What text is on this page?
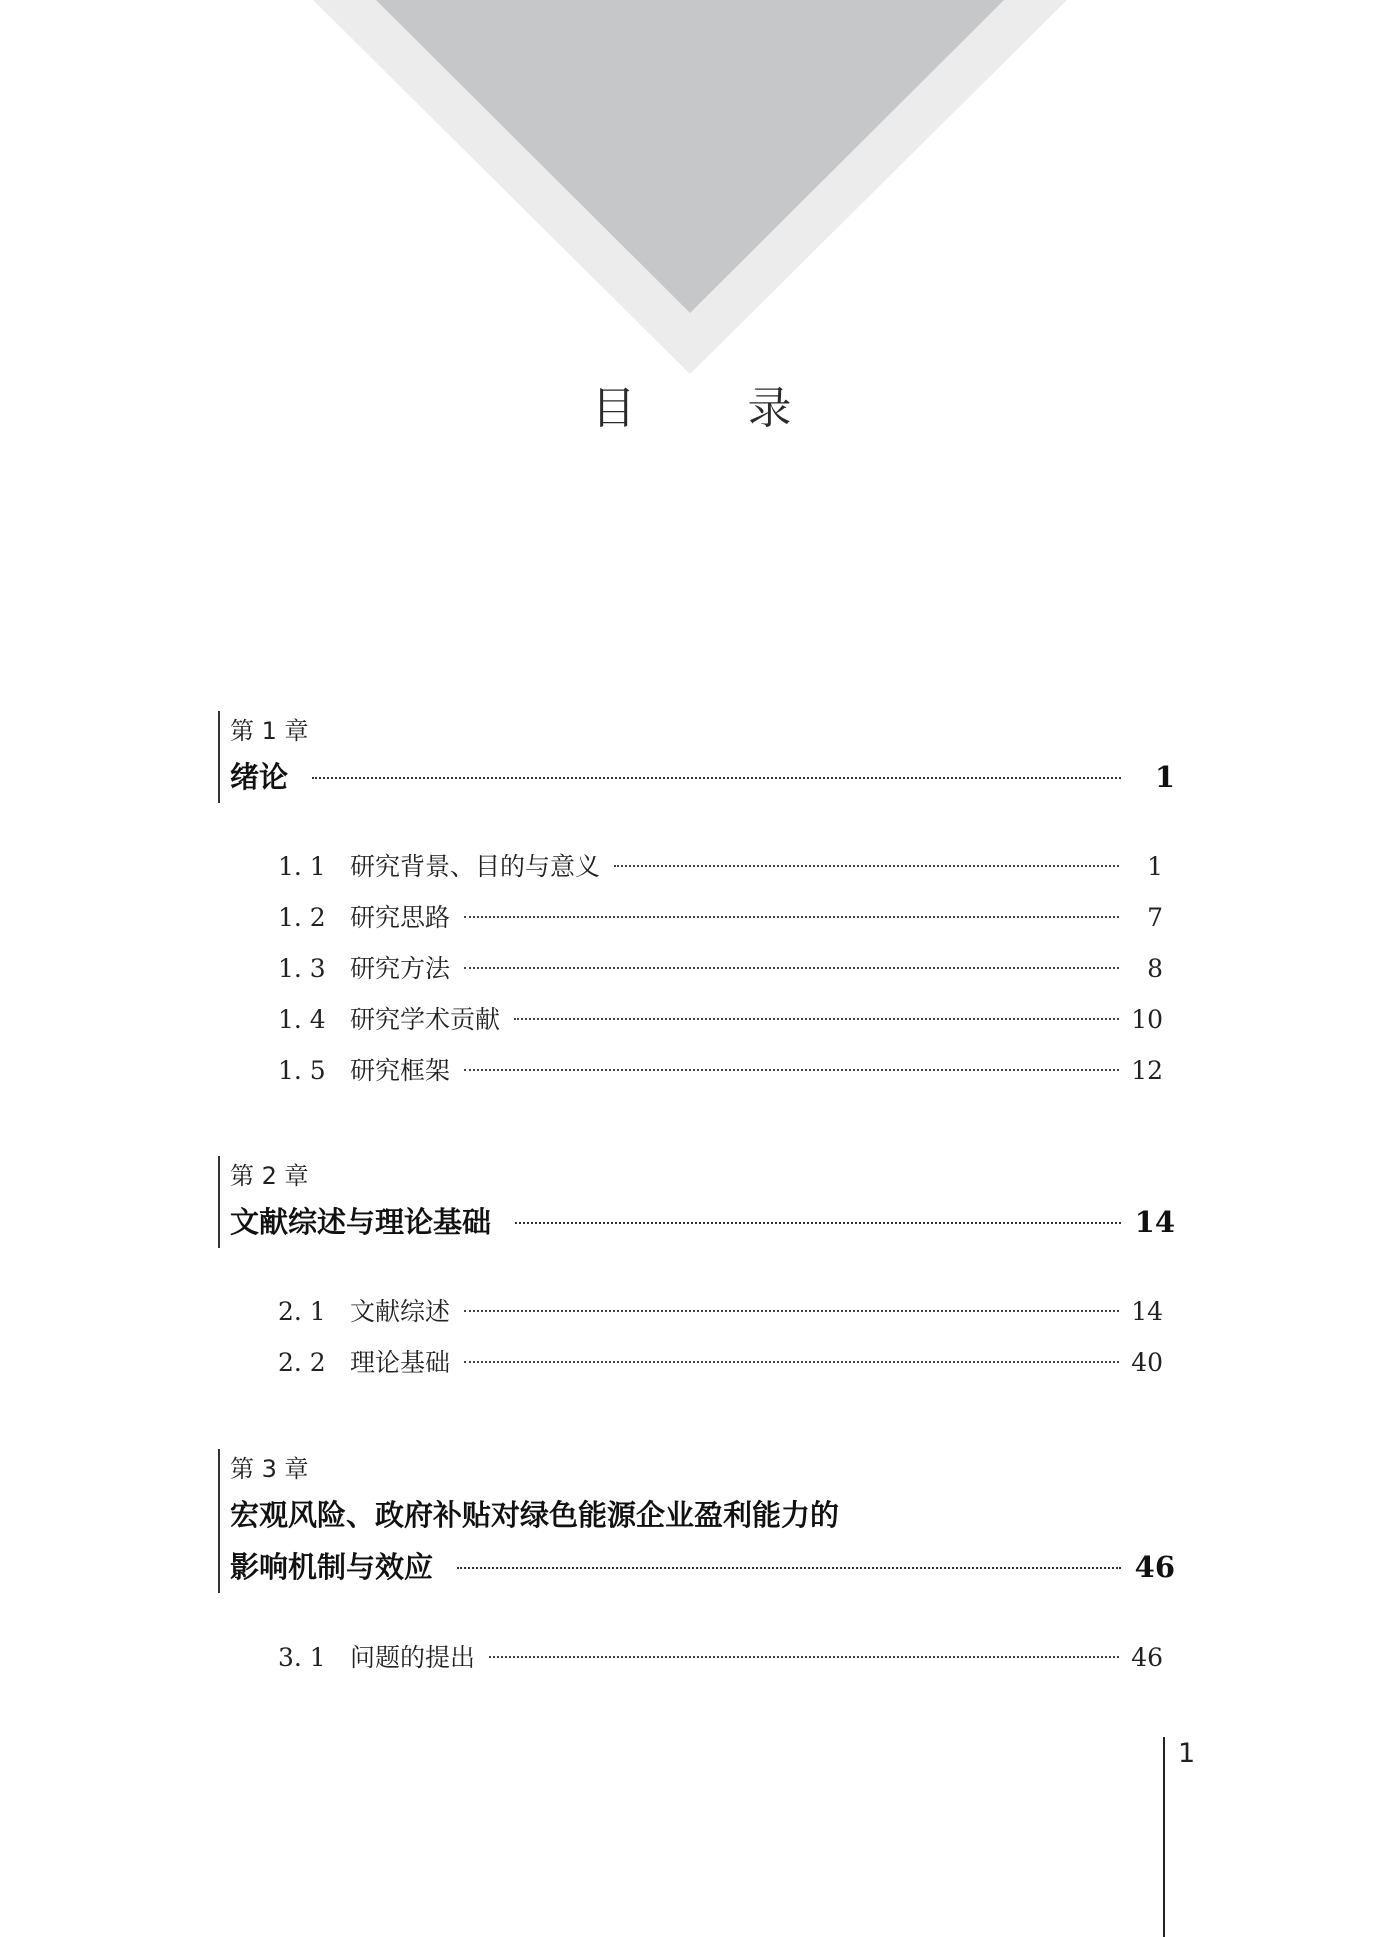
目	录
第 1 章
绪论	1
1. 1 研究背景、目的与意义	1
1. 2 研究思路	7
1. 3 研究方法	8
1. 4 研究学术贡献	10
1. 5 研究框架	12
第 2 章
文献综述与理论基础	14
2. 1 文献综述	14
2. 2 理论基础	40
第 3 章
宏观风险、政府补贴对绿色能源企业盈利能力的
影响机制与效应	46
3. 1 问题的提出	46
1
